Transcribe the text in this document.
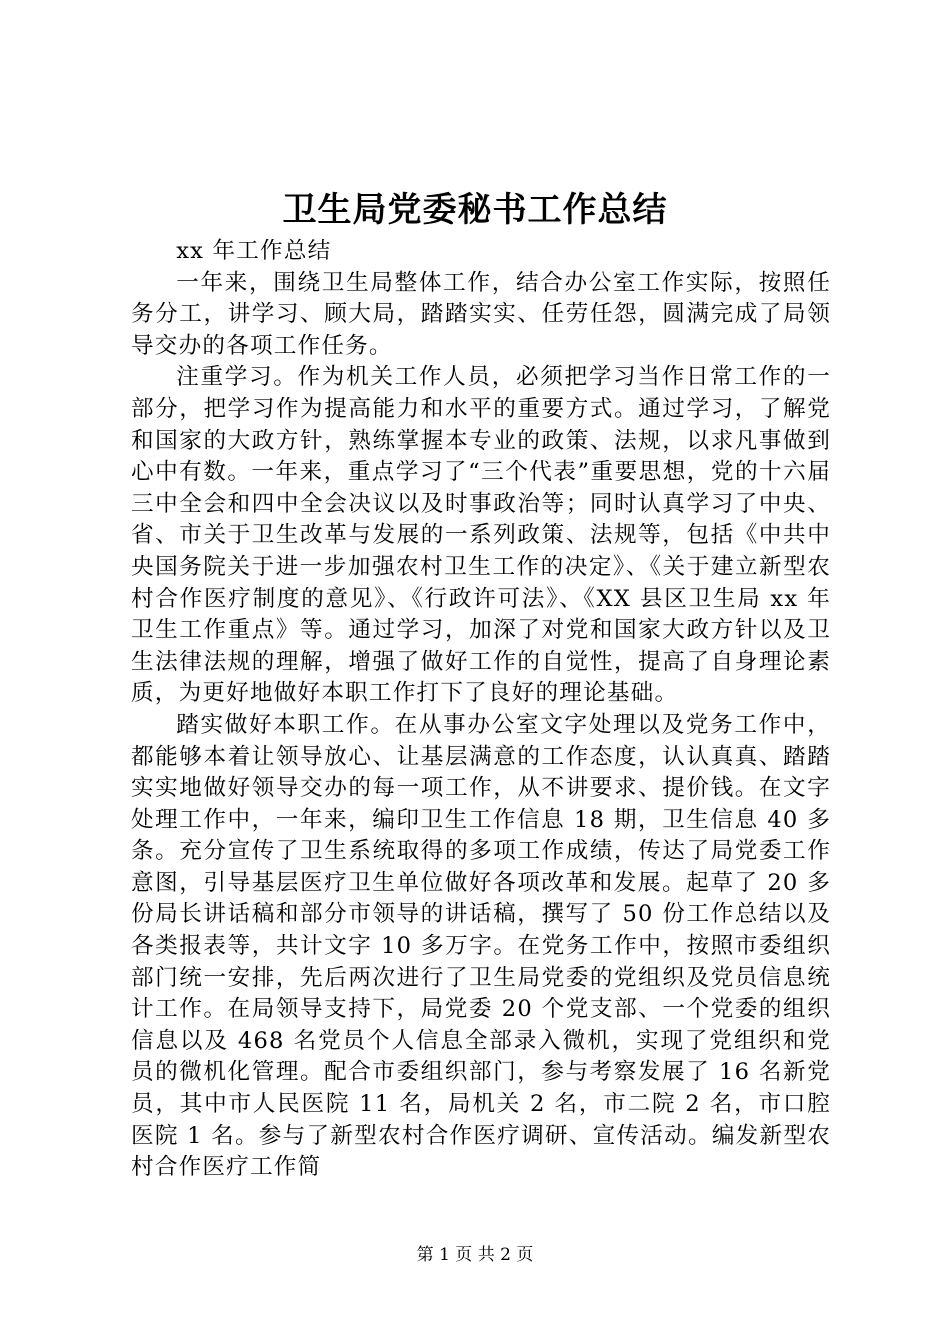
卫生局党委秘书工作总结
xx 年工作总结

一年来，围绕卫生局整体工作，结合办公室工作实际，按照任务分工，讲学习、顾大局，踏踏实实、任劳任怨，圆满完成了局领导交办的各项工作任务。

注重学习。作为机关工作人员，必须把学习当作日常工作的一部分，把学习作为提高能力和水平的重要方式。通过学习，了解党和国家的大政方针，熟练掌握本专业的政策、法规，以求凡事做到心中有数。一年来，重点学习了“三个代表”重要思想，党的十六届三中全会和四中全会决议以及时事政治等；同时认真学习了中央、省、市关于卫生改革与发展的一系列政策、法规等，包括《中共中央国务院关于进一步加强农村卫生工作的决定》、《关于建立新型农村合作医疗制度的意见》、《行政许可法》、《XX 县区卫生局 xx 年卫生工作重点》等。通过学习，加深了对党和国家大政方针以及卫生法律法规的理解，增强了做好工作的自觉性，提高了自身理论素质，为更好地做好本职工作打下了良好的理论基础。

踏实做好本职工作。在从事办公室文字处理以及党务工作中，都能够本着让领导放心、让基层满意的工作态度，认认真真、踏踏实实地做好领导交办的每一项工作，从不讲要求、提价钱。在文字处理工作中，一年来，编印卫生工作信息 18 期，卫生信息 40 多条。充分宣传了卫生系统取得的多项工作成绩，传达了局党委工作意图，引导基层医疗卫生单位做好各项改革和发展。起草了 20 多份局长讲话稿和部分市领导的讲话稿，撰写了 50 份工作总结以及各类报表等，共计文字 10 多万字。在党务工作中，按照市委组织部门统一安排，先后两次进行了卫生局党委的党组织及党员信息统计工作。在局领导支持下，局党委 20 个党支部、一个党委的组织信息以及 468 名党员个人信息全部录入微机，实现了党组织和党员的微机化管理。配合市委组织部门，参与考察发展了 16 名新党员，其中市人民医院 11 名，局机关 2 名，市二院 2 名，市口腔医院 1 名。参与了新型农村合作医疗调研、宣传活动。编发新型农村合作医疗工作简

第 1 页 共 2 页
